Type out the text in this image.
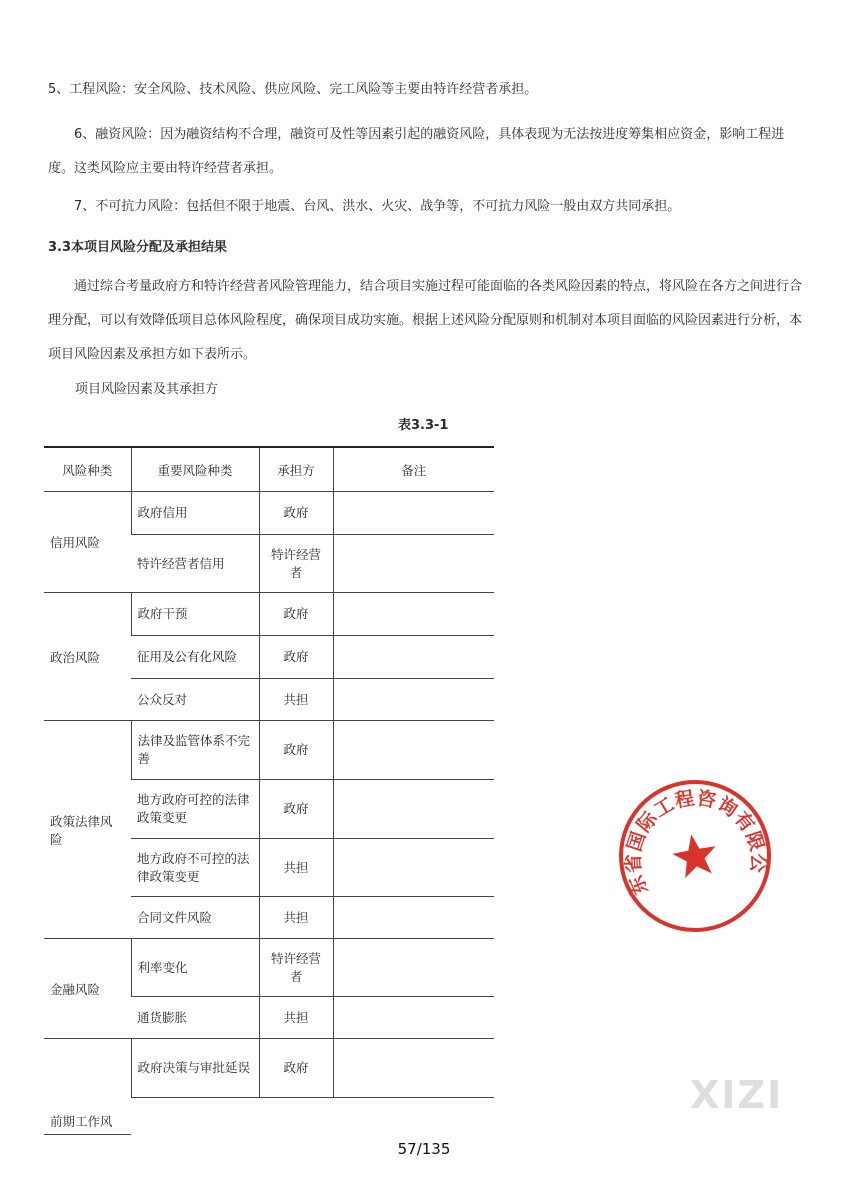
5、工程风险：安全风险、技术风险、供应风险、完工风险等主要由特许经营者承担。

6、融资风险：因为融资结构不合理，融资可及性等因素引起的融资风险，具体表现为无法按进度筹集相应资金，影响工程进度。这类风险应主要由特许经营者承担。

7、不可抗力风险：包括但不限于地震、台风、洪水、火灾、战争等，不可抗力风险一般由双方共同承担。

3.3本项目风险分配及承担结果

通过综合考量政府方和特许经营者风险管理能力，结合项目实施过程可能面临的各类风险因素的特点，将风险在各方之间进行合理分配，可以有效降低项目总体风险程度，确保项目成功实施。根据上述风险分配原则和机制对本项目面临的风险因素进行分析，本项目风险因素及承担方如下表所示。

项目风险因素及其承担方

表3.3-1

风险种类	重要风险种类	承担方	备注
信用风险	政府信用	政府	
	特许经营者信用	特许经营者	
政治风险	政府干预	政府	
	征用及公有化风险	政府	
	公众反对	共担	
政策法律风险	法律及监管体系不完善	政府	
	地方政府可控的法律政策变更	政府	
	地方政府不可控的法律政策变更	共担	
	合同文件风险	共担	
金融风险	利率变化	特许经营者	
	通货膨胀	共担	
前期工作风	政府决策与审批延误	政府	

广东省国际工程咨询有限公司
XIZI

57/135
